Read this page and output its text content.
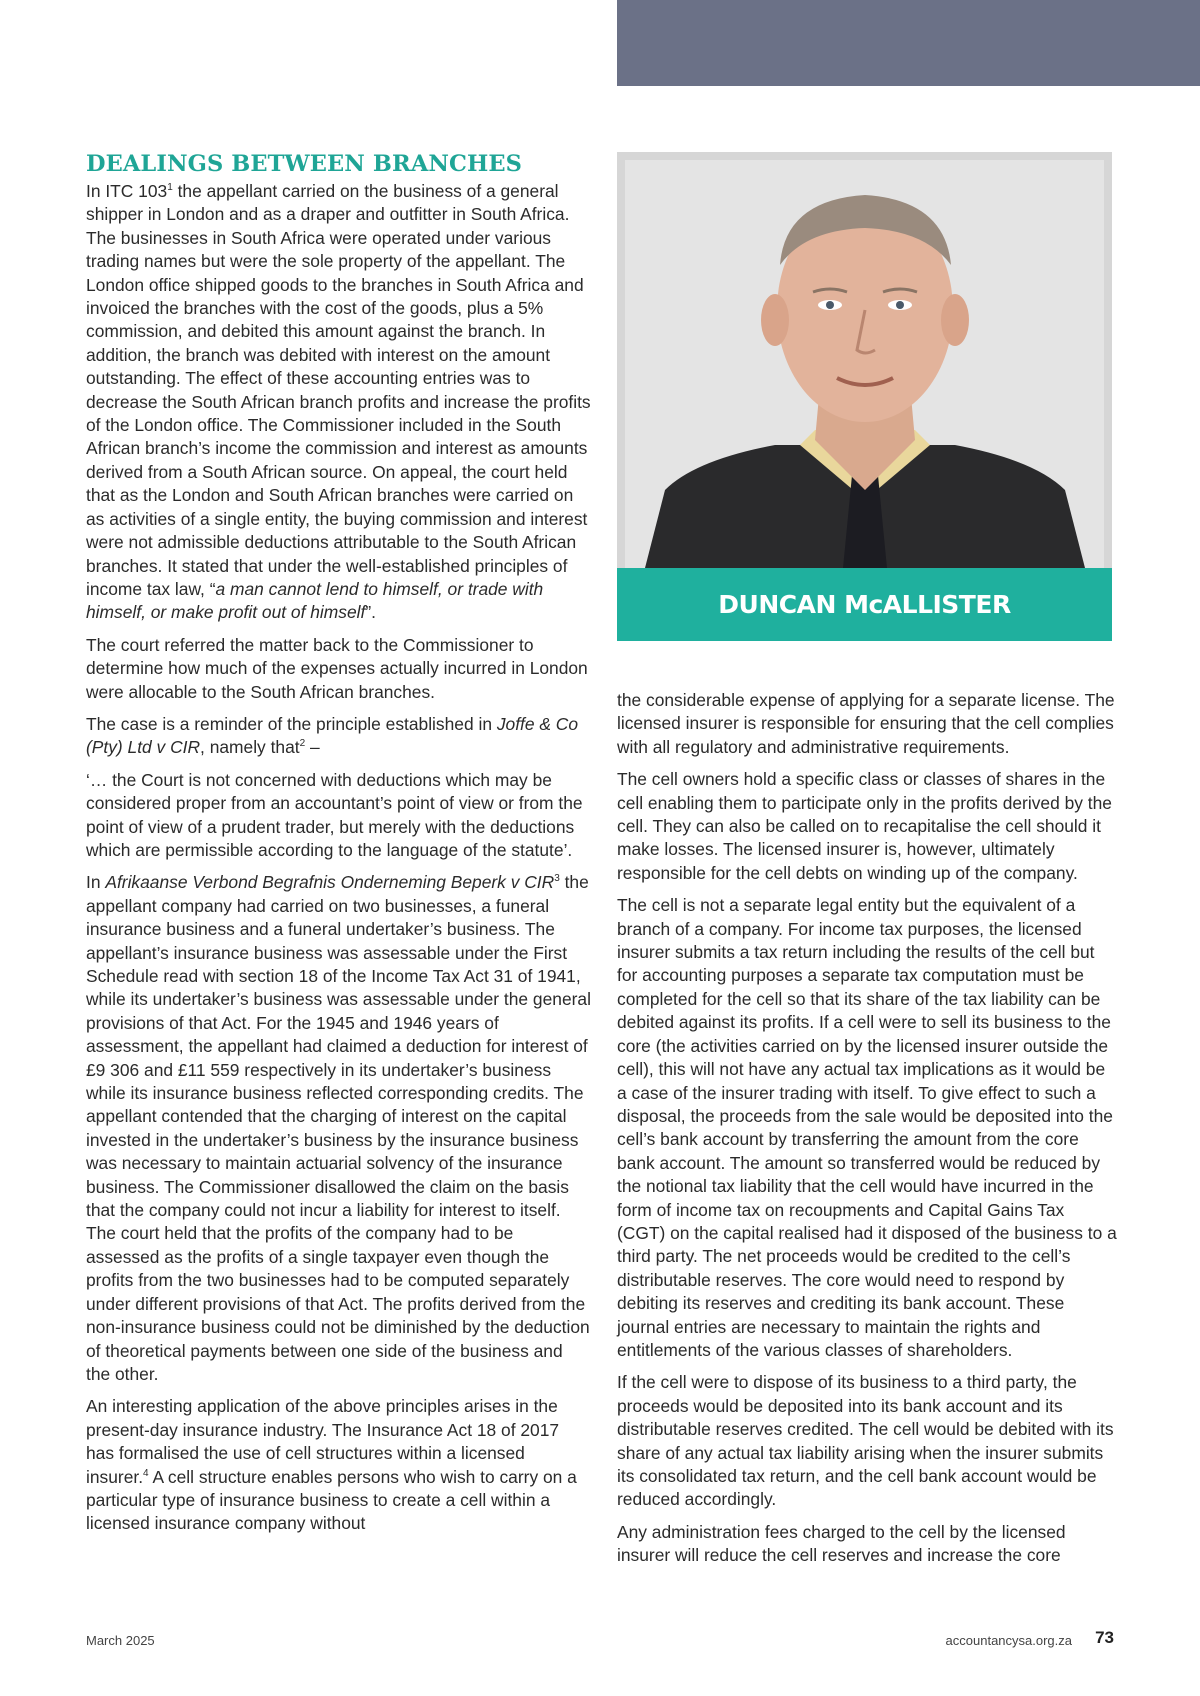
DEALINGS BETWEEN BRANCHES

In ITC $103^1$ the appellant carried on the business of a general shipper in London and as a draper and outfitter in South Africa. The businesses in South Africa were operated under various trading names but were the sole property of the appellant. The London office shipped goods to the branches in South Africa and invoiced the branches with the cost of the goods, plus a 5% commission, and debited this amount against the branch. In addition, the branch was debited with interest on the amount outstanding. The effect of these accounting entries was to decrease the South African branch profits and increase the profits of the London office. The Commissioner included in the South African branch’s income the commission and interest as amounts derived from a South African source. On appeal, the court held that as the London and South African branches were carried on as activities of a single entity, the buying commission and interest were not admissible deductions attributable to the South African branches. It stated that under the well-established principles of income tax law, “a man cannot lend to himself, or trade with himself, or make profit out of himself”.

The court referred the matter back to the Commissioner to determine how much of the expenses actually incurred in London were allocable to the South African branches.

The case is a reminder of the principle established in Joffe & Co (Pty) Ltd v CIR, namely that$^2$ –

‘… the Court is not concerned with deductions which may be considered proper from an accountant’s point of view or from the point of view of a prudent trader, but merely with the deductions which are permissible according to the language of the statute’.

In Afrikaanse Verbond Begrafnis Onderneming Beperk v CIR$^3$ the appellant company had carried on two businesses, a funeral insurance business and a funeral undertaker’s business. The appellant’s insurance business was assessable under the First Schedule read with section 18 of the Income Tax Act 31 of 1941, while its undertaker’s business was assessable under the general provisions of that Act. For the 1945 and 1946 years of assessment, the appellant had claimed a deduction for interest of £9 306 and £11 559 respectively in its undertaker’s business while its insurance business reflected corresponding credits. The appellant contended that the charging of interest on the capital invested in the undertaker’s business by the insurance business was necessary to maintain actuarial solvency of the insurance business. The Commissioner disallowed the claim on the basis that the company could not incur a liability for interest to itself. The court held that the profits of the company had to be assessed as the profits of a single taxpayer even though the profits from the two businesses had to be computed separately under different provisions of that Act. The profits derived from the non-insurance business could not be diminished by the deduction of theoretical payments between one side of the business and the other.

An interesting application of the above principles arises in the present-day insurance industry. The Insurance Act 18 of 2017 has formalised the use of cell structures within a licensed insurer.$^4$ A cell structure enables persons who wish to carry on a particular type of insurance business to create a cell within a licensed insurance company without

DUNCAN McALLISTER

the considerable expense of applying for a separate license. The licensed insurer is responsible for ensuring that the cell complies with all regulatory and administrative requirements.

The cell owners hold a specific class or classes of shares in the cell enabling them to participate only in the profits derived by the cell. They can also be called on to recapitalise the cell should it make losses. The licensed insurer is, however, ultimately responsible for the cell debts on winding up of the company.

The cell is not a separate legal entity but the equivalent of a branch of a company. For income tax purposes, the licensed insurer submits a tax return including the results of the cell but for accounting purposes a separate tax computation must be completed for the cell so that its share of the tax liability can be debited against its profits. If a cell were to sell its business to the core (the activities carried on by the licensed insurer outside the cell), this will not have any actual tax implications as it would be a case of the insurer trading with itself. To give effect to such a disposal, the proceeds from the sale would be deposited into the cell’s bank account by transferring the amount from the core bank account. The amount so transferred would be reduced by the notional tax liability that the cell would have incurred in the form of income tax on recoupments and Capital Gains Tax (CGT) on the capital realised had it disposed of the business to a third party. The net proceeds would be credited to the cell’s distributable reserves. The core would need to respond by debiting its reserves and crediting its bank account. These journal entries are necessary to maintain the rights and entitlements of the various classes of shareholders.

If the cell were to dispose of its business to a third party, the proceeds would be deposited into its bank account and its distributable reserves credited. The cell would be debited with its share of any actual tax liability arising when the insurer submits its consolidated tax return, and the cell bank account would be reduced accordingly.

Any administration fees charged to the cell by the licensed insurer will reduce the cell reserves and increase the core

March 2025	accountancysa.org.za 73
